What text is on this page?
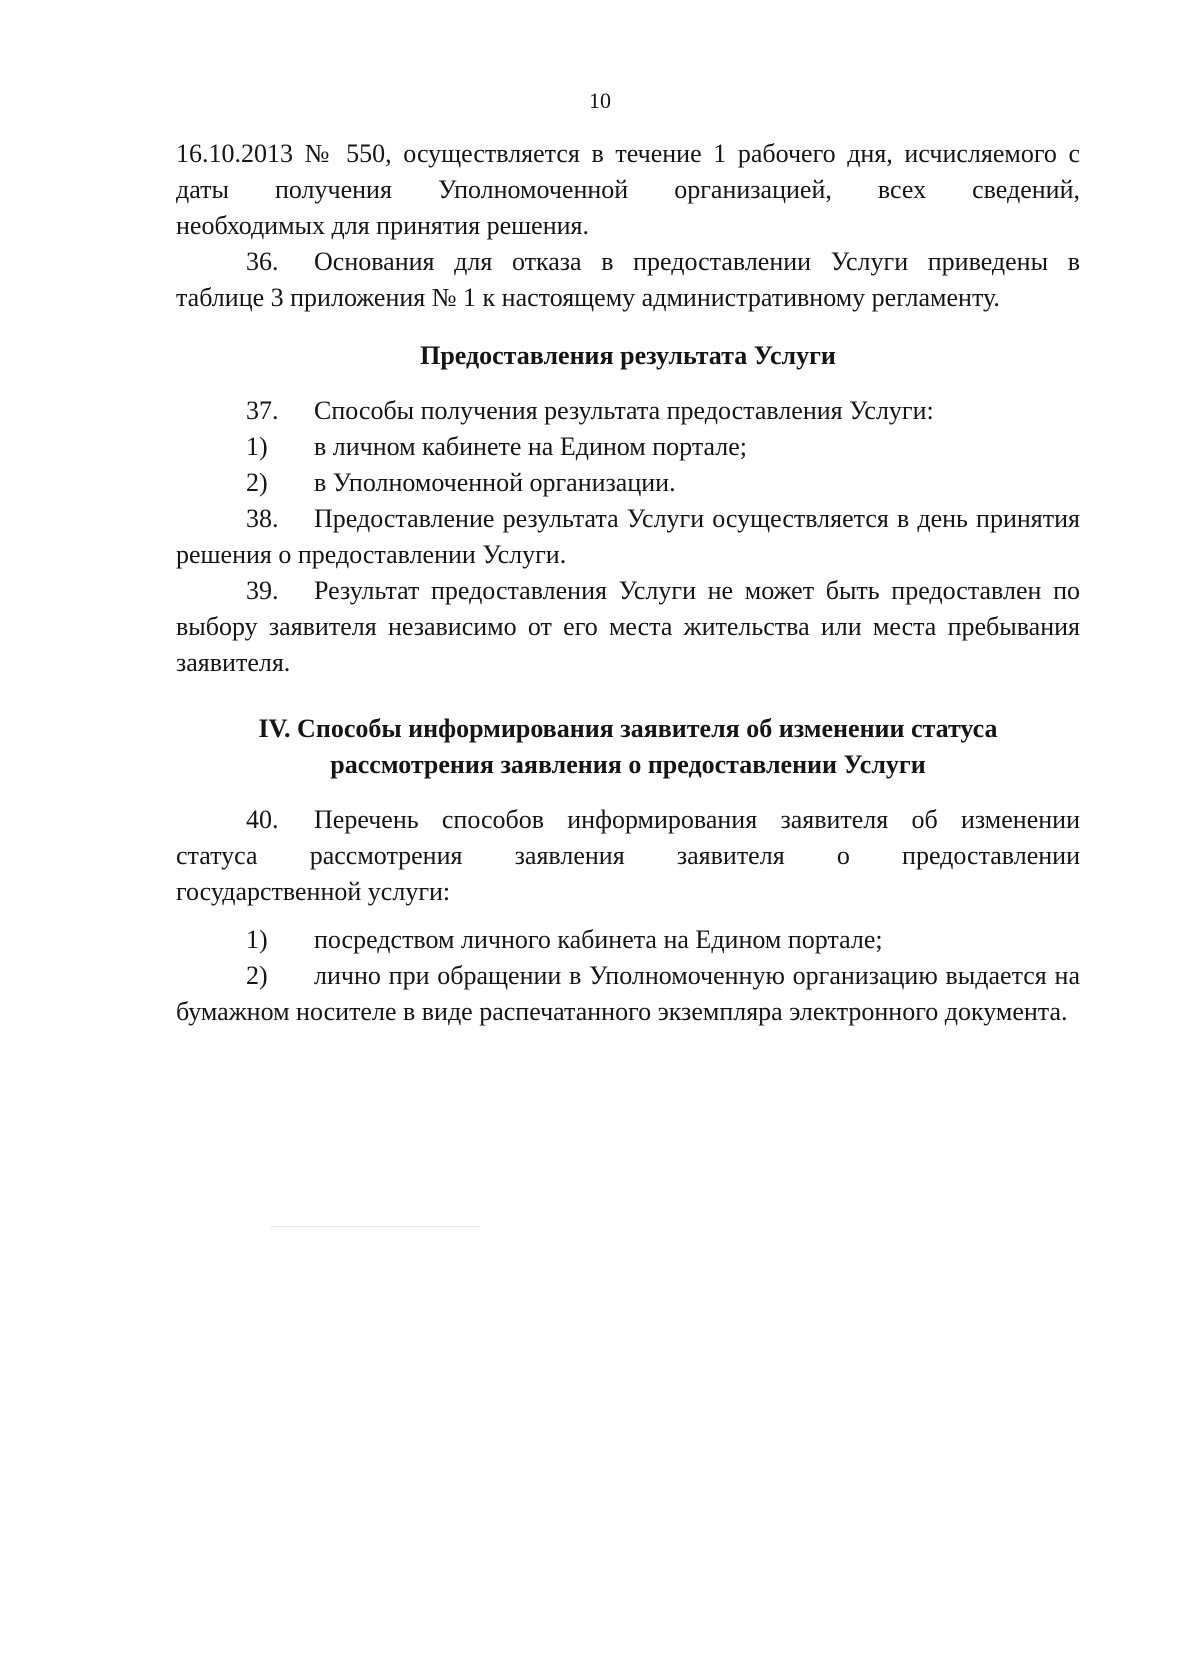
10

16.10.2013 № 550, осуществляется в течение 1 рабочего дня, исчисляемого с

даты получения Уполномоченной организацией, всех сведений,

необходимых для принятия решения.

36. Основания для отказа в предоставлении Услуги приведены в таблице 3 приложения № 1 к настоящему административному регламенту.

Предоставления результата Услуги

37. Способы получения результата предоставления Услуги:

1) в личном кабинете на Едином портале;

2) в Уполномоченной организации.

38. Предоставление результата Услуги осуществляется в день принятия решения о предоставлении Услуги.

39. Результат предоставления Услуги не может быть предоставлен по выбору заявителя независимо от его места жительства или места пребывания заявителя.

IV. Способы информирования заявителя об изменении статуса
рассмотрения заявления о предоставлении Услуги

40. Перечень способов информирования заявителя об изменении

статуса рассмотрения заявления заявителя о предоставлении

государственной услуги:

1) посредством личного кабинета на Едином портале;

2) лично при обращении в Уполномоченную организацию выдается на бумажном носителе в виде распечатанного экземпляра электронного документа.
